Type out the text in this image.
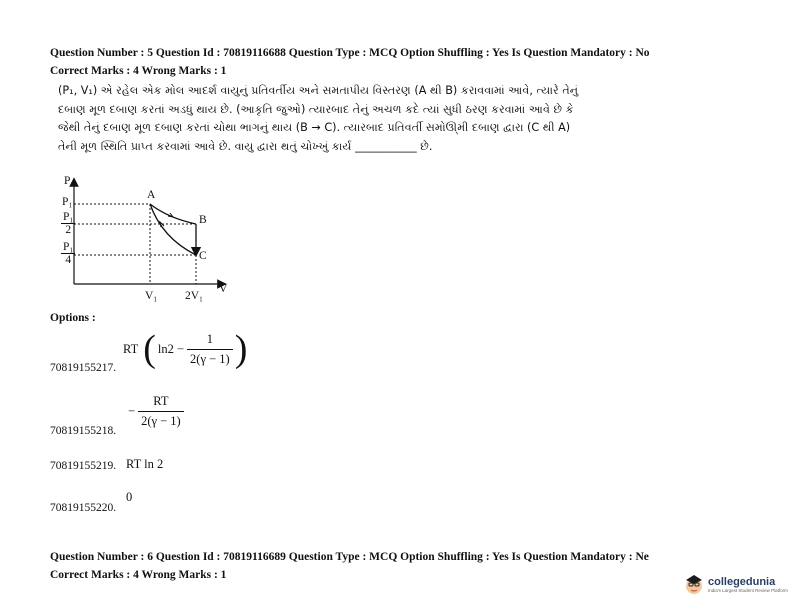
Question Number : 5 Question Id : 70819116688 Question Type : MCQ Option Shuffling : Yes Is Question Mandatory : No
Correct Marks : 4 Wrong Marks : 1
(P₁, V₁) એ રહેલ એક મોલ આદર્શ વાયુનું પ્રતિવર્તીય અને સમતાપીય વિસ્તરણ (A થી B) કરાવવામાં આવે, ત્યારે તેનું
દબાણ મૂળ દબાણ કરતાં અડધું થાય છે. (આકૃતિ જુઓ) ત્યારબાદ તેનું અચળ કદે ત્યાં સુધી ઠરણ કરવામાં આવે છે કે
જેથી તેનું દબાણ મૂળ દબાણ કરતાં ચોથા ભાગનું થાય (B → C). ત્યારબાદ પ્રતિવર્તી સમોઊ્મી દબાણ દ્વારા (C થી A)
તેની મૂળ સ્થિતિ પ્રાપ્ત કરવામાં આવે છે. વાયુ દ્વારા થતું ચોખ્ખું કાર્ય ___________ છે.
P
V
P₁
$\frac{\text{P₁}}{2}$
$\frac{\text{P₁}}{4}$
A
B
C
V₁ 2V₁
Options :
70819155217.
RT ( $\ln 2 - \frac{1}{2(\gamma - 1)}$ )
70819155218.
− $\frac{RT}{2(\gamma - 1)}$
70819155219. RT ln 2
70819155220.
0
Question Number : 6 Question Id : 70819116689 Question Type : MCQ Option Shuffling : Yes Is Question Mandatory : Ne
Correct Marks : 4 Wrong Marks : 1
collegedunia
India's Largest Student Review Platform
